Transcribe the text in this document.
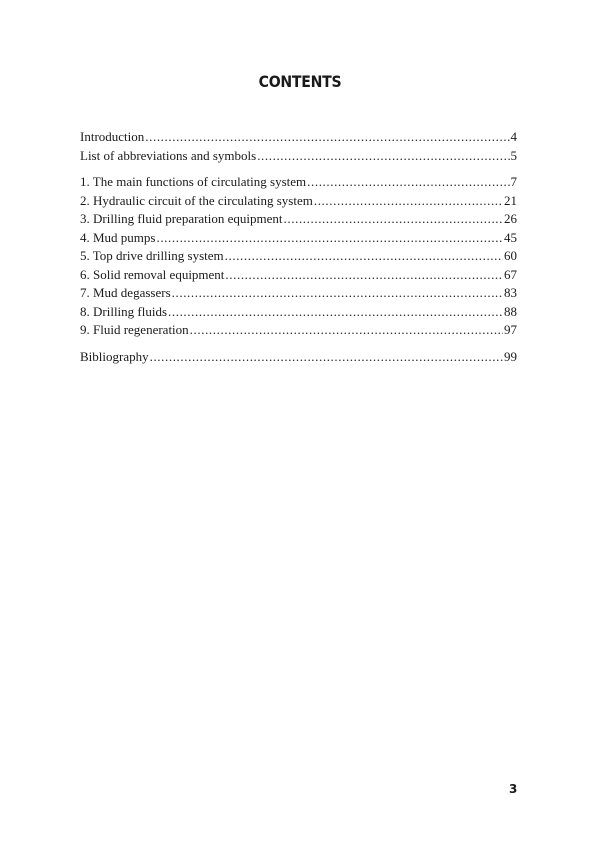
CONTENTS
Introduction .....	4
List of abbreviations and symbols .....	5
1. The main functions of circulating system .....	7
2. Hydraulic circuit of the circulating system .....	21
3. Drilling fluid preparation equipment .....	26
4. Mud pumps .....	45
5. Top drive drilling system .....	60
6. Solid removal equipment .....	67
7. Mud degassers .....	83
8. Drilling fluids .....	88
9. Fluid regeneration .....	97
Bibliography .....	99
3
